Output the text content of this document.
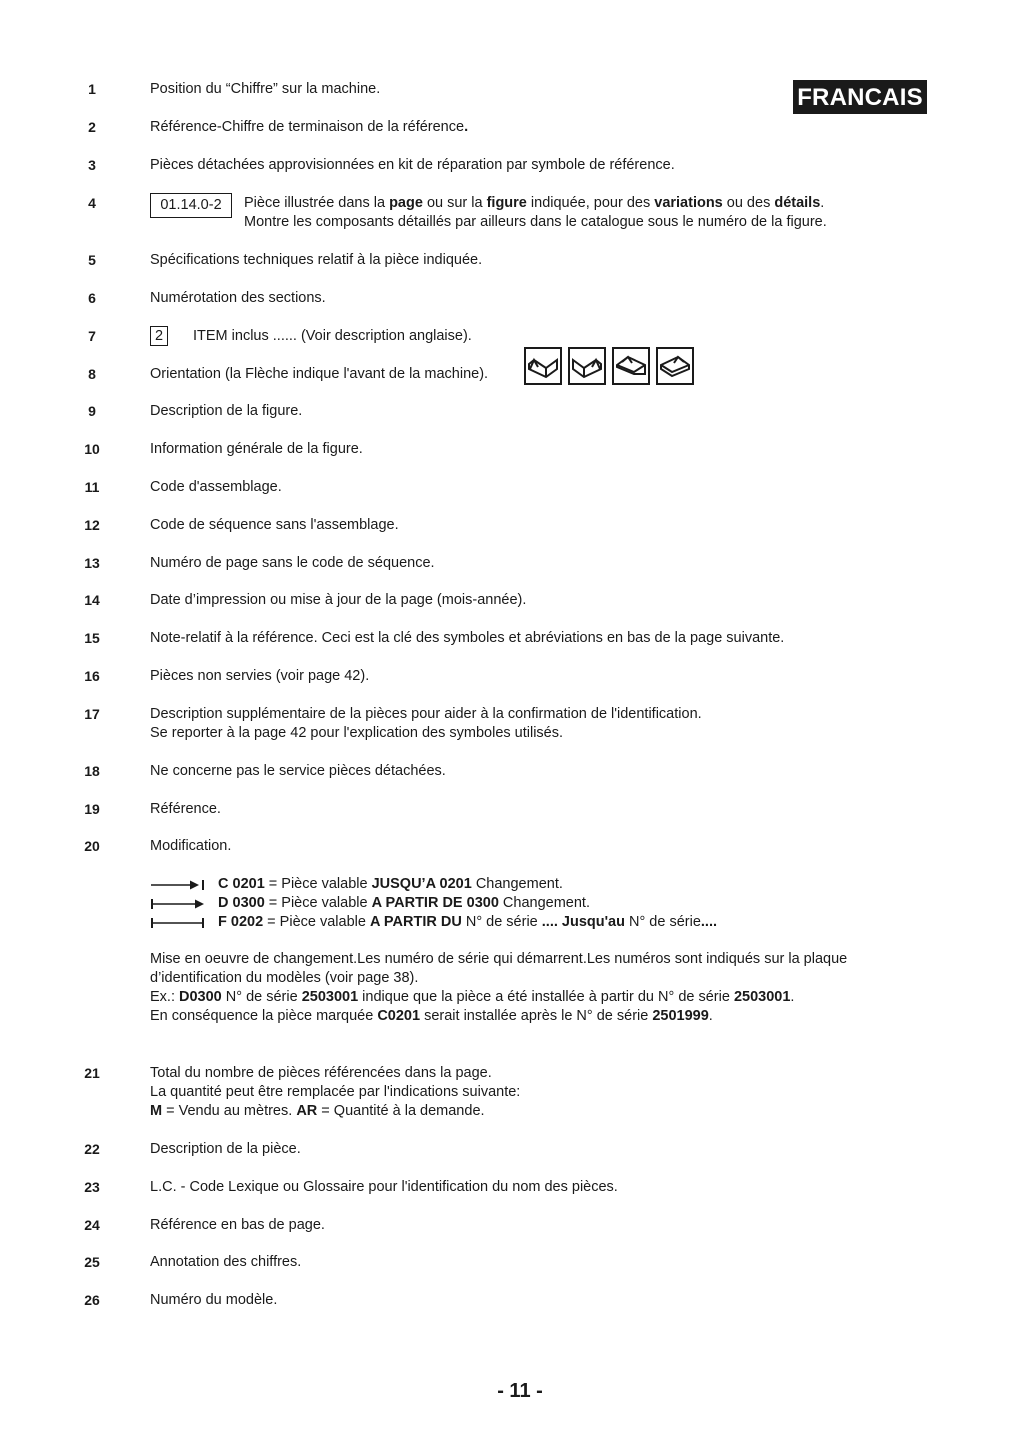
FRANCAIS
1	Position du “Chiffre” sur la machine.
2	Référence-Chiffre de terminaison de la référence.
3	Pièces détachées approvisionnées en kit de réparation par symbole de référence.
4	01.14.0-2	Pièce illustrée dans la page ou sur la figure indiquée, pour des variations ou des détails.
Montre les composants détaillés par ailleurs dans le catalogue sous le numéro de la figure.
5	Spécifications techniques relatif à la pièce indiquée.
6	Numérotation des sections.
7	2	ITEM inclus ...... (Voir description anglaise).
8	Orientation (la Flèche indique l'avant de la machine).
9	Description de la figure.
10	Information générale de la figure.
11	Code d'assemblage.
12	Code de séquence sans l'assemblage.
13	Numéro de page sans le code de séquence.
14	Date d’impression ou mise à jour de la page (mois-année).
15	Note-relatif à la référence. Ceci est la clé des symboles et abréviations en bas de la page suivante.
16	Pièces non servies (voir page 42).
17	Description supplémentaire de la pièces pour aider à la confirmation de l'identification.
Se reporter à la page 42 pour l'explication des symboles utilisés.
18	Ne concerne pas le service pièces détachées.
19	Référence.
20	Modification.
C 0201 = Pièce valable JUSQU’A 0201 Changement.
D 0300 = Pièce valable A PARTIR DE 0300 Changement.
F 0202 = Pièce valable A PARTIR DU N° de série .... Jusqu'au N° de série....
Mise en oeuvre de changement.Les numéro de série qui démarrent.Les numéros sont indiqués sur la plaque
d’identification du modèles (voir page 38).
Ex.: D0300 N° de série 2503001 indique que la pièce a été installée à partir du N° de série 2503001.
En conséquence la pièce marquée C0201 serait installée après le N° de série 2501999.
21	Total du nombre de pièces référencées dans la page.
La quantité peut être remplacée par l'indications suivante:
M = Vendu au mètres. AR = Quantité à la demande.
22	Description de la pièce.
23	L.C. - Code Lexique ou Glossaire pour l'identification du nom des pièces.
24	Référence en bas de page.
25	Annotation des chiffres.
26	Numéro du modèle.
- 11 -
